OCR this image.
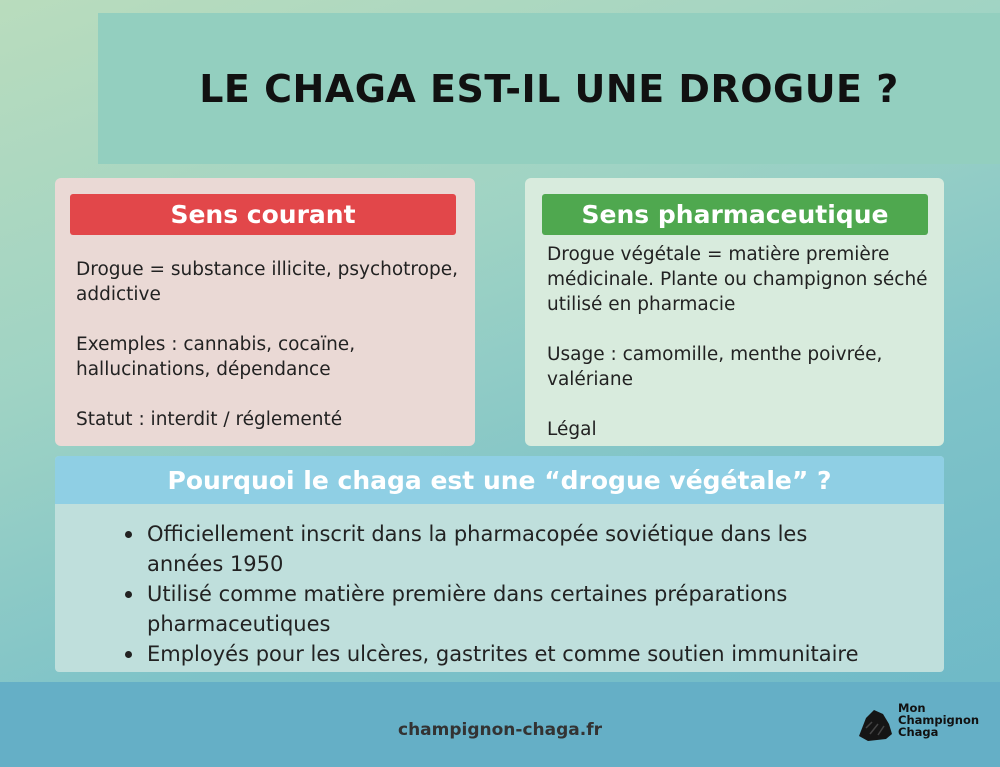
LE CHAGA EST-IL UNE DROGUE ?
Sens courant
Drogue = substance illicite, psychotrope, addictive
Exemples : cannabis, cocaïne, hallucinations, dépendance
Statut : interdit / réglementé
Sens pharmaceutique
Drogue végétale = matière première médicinale. Plante ou champignon séché utilisé en pharmacie
Usage : camomille, menthe poivrée, valériane
Légal
Pourquoi le chaga est une “drogue végétale” ?
Officiellement inscrit dans la pharmacopée soviétique dans les années 1950
Utilisé comme matière première dans certaines préparations pharmaceutiques
Employés pour les ulcères, gastrites et comme soutien immunitaire
champignon-chaga.fr
Mon
Champignon
Chaga
